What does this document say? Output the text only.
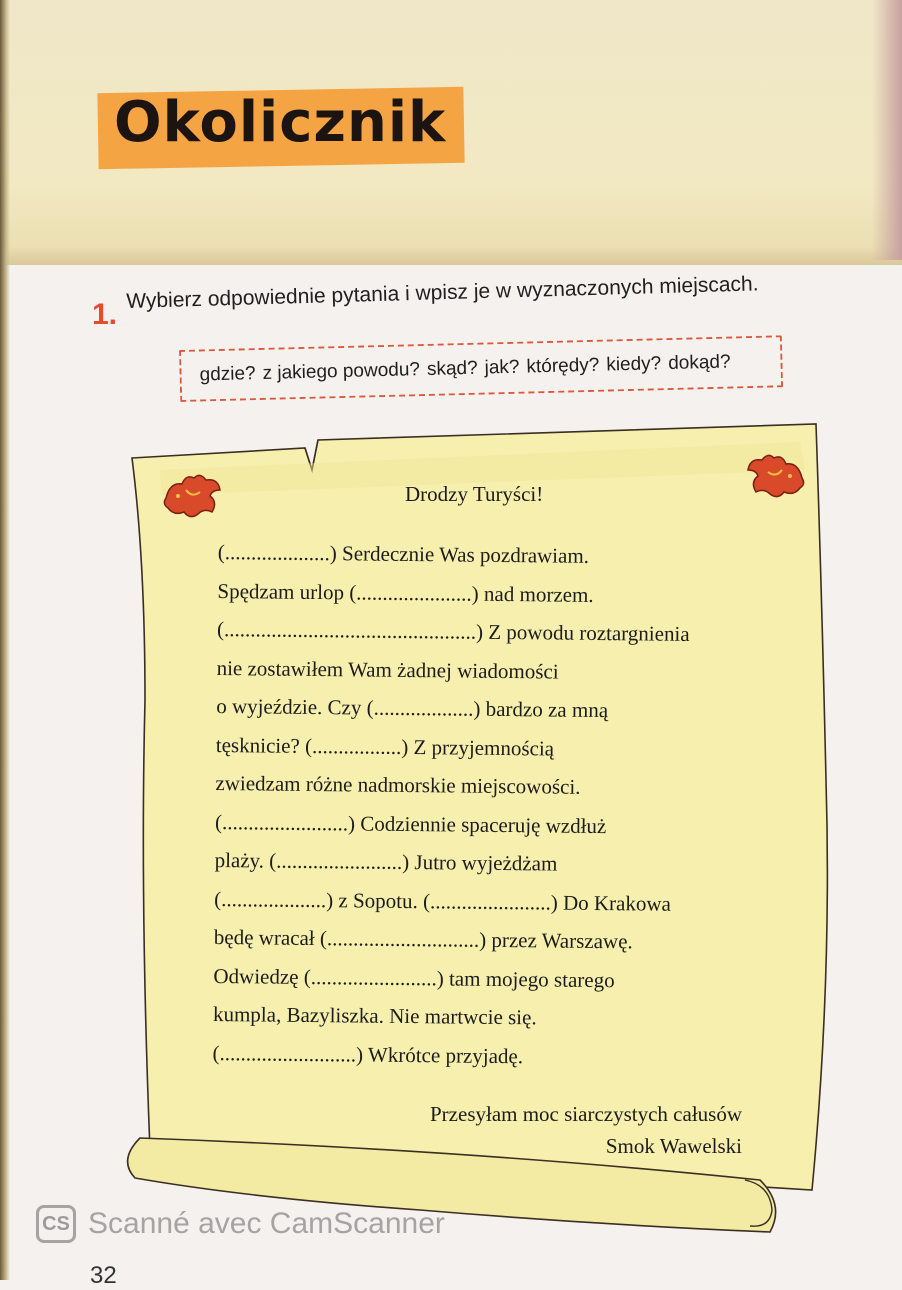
Okolicznik
1.
Wybierz odpowiednie pytania i wpisz je w wyznaczonych miejscach.
gdzie? z jakiego powodu? skąd? jak? którędy? kiedy? dokąd?
Drodzy Turyści!
(....................) Serdecznie Was pozdrawiam.
Spędzam urlop (......................) nad morzem.
(................................................) Z powodu roztargnienia
nie zostawiłem Wam żadnej wiadomości
o wyjeździe. Czy (...................) bardzo za mną
tęsknicie? (.................) Z przyjemnością
zwiedzam różne nadmorskie miejscowości.
(........................) Codziennie spaceruję wzdłuż
plaży. (........................) Jutro wyjeżdżam
(....................) z Sopotu. (.......................) Do Krakowa
będę wracał (.............................) przez Warszawę.
Odwiedzę (........................) tam mojego starego
kumpla, Bazyliszka. Nie martwcie się.
(..........................) Wkrótce przyjadę.
Przesyłam moc siarczystych całusów
Smok Wawelski
CS Scanné avec CamScanner
32
